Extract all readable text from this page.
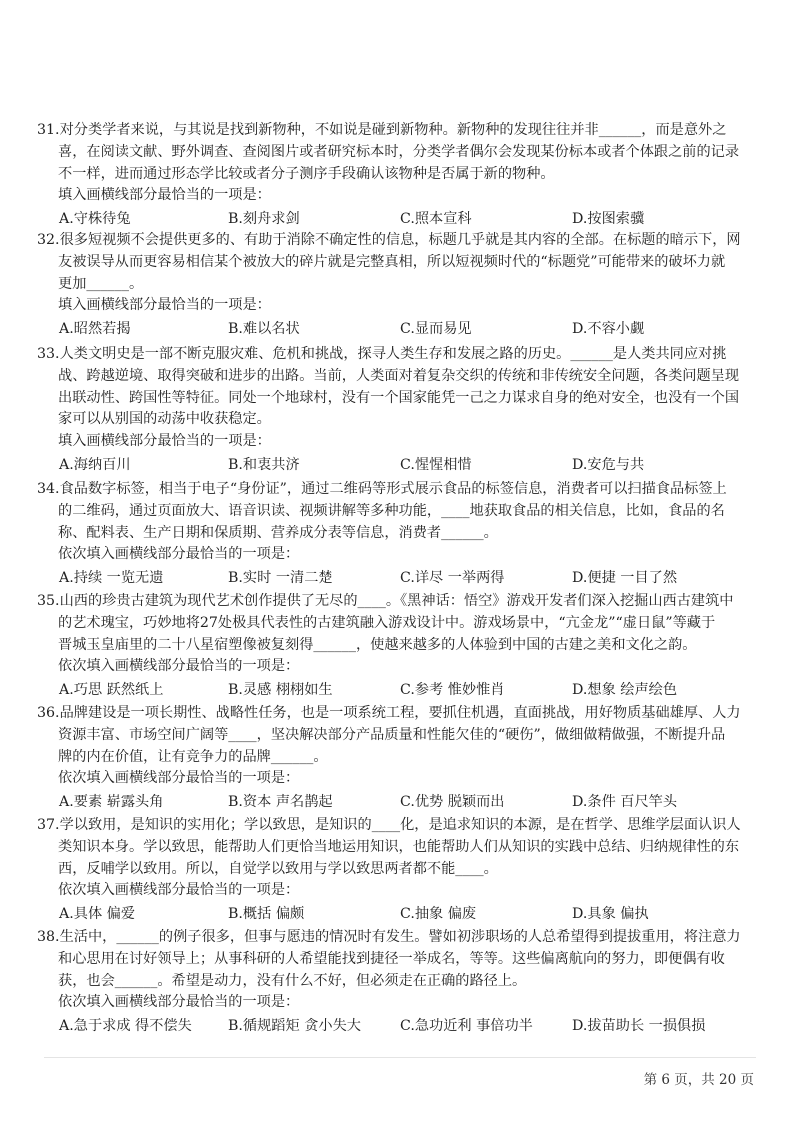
31.对分类学者来说，与其说是找到新物种，不如说是碰到新物种。新物种的发现往往并非______，而是意外之
喜，在阅读文献、野外调查、查阅图片或者研究标本时，分类学者偶尔会发现某份标本或者个体跟之前的记录
不一样，进而通过形态学比较或者分子测序手段确认该物种是否属于新的物种。
填入画横线部分最恰当的一项是：
A.守株待兔	B.刻舟求剑	C.照本宣科	D.按图索骥
32.很多短视频不会提供更多的、有助于消除不确定性的信息，标题几乎就是其内容的全部。在标题的暗示下，网
友被误导从而更容易相信某个被放大的碎片就是完整真相，所以短视频时代的“标题党”可能带来的破坏力就
更加______。
填入画横线部分最恰当的一项是：
A.昭然若揭	B.难以名状	C.显而易见	D.不容小觑
33.人类文明史是一部不断克服灾难、危机和挑战，探寻人类生存和发展之路的历史。______是人类共同应对挑
战、跨越逆境、取得突破和进步的出路。当前，人类面对着复杂交织的传统和非传统安全问题，各类问题呈现
出联动性、跨国性等特征。同处一个地球村，没有一个国家能凭一己之力谋求自身的绝对安全，也没有一个国
家可以从别国的动荡中收获稳定。
填入画横线部分最恰当的一项是：
A.海纳百川	B.和衷共济	C.惺惺相惜	D.安危与共
34.食品数字标签，相当于电子“身份证”，通过二维码等形式展示食品的标签信息，消费者可以扫描食品标签上
的二维码，通过页面放大、语音识读、视频讲解等多种功能，____地获取食品的相关信息，比如，食品的名
称、配料表、生产日期和保质期、营养成分表等信息，消费者______。
依次填入画横线部分最恰当的一项是：
A.持续 一览无遗	B.实时 一清二楚	C.详尽 一举两得	D.便捷 一目了然
35.山西的珍贵古建筑为现代艺术创作提供了无尽的____。《黑神话：悟空》游戏开发者们深入挖掘山西古建筑中
的艺术瑰宝，巧妙地将27处极具代表性的古建筑融入游戏设计中。游戏场景中，“亢金龙”“虚日鼠”等藏于
晋城玉皇庙里的二十八星宿塑像被复刻得______，使越来越多的人体验到中国的古建之美和文化之韵。
依次填入画横线部分最恰当的一项是：
A.巧思 跃然纸上	B.灵感 栩栩如生	C.参考 惟妙惟肖	D.想象 绘声绘色
36.品牌建设是一项长期性、战略性任务，也是一项系统工程，要抓住机遇，直面挑战，用好物质基础雄厚、人力
资源丰富、市场空间广阔等____，坚决解决部分产品质量和性能欠佳的“硬伤”，做细做精做强，不断提升品
牌的内在价值，让有竞争力的品牌______。
依次填入画横线部分最恰当的一项是：
A.要素 崭露头角	B.资本 声名鹊起	C.优势 脱颖而出	D.条件 百尺竿头
37.学以致用，是知识的实用化；学以致思，是知识的____化，是追求知识的本源，是在哲学、思维学层面认识人
类知识本身。学以致思，能帮助人们更恰当地运用知识，也能帮助人们从知识的实践中总结、归纳规律性的东
西，反哺学以致用。所以，自觉学以致用与学以致思两者都不能____。
依次填入画横线部分最恰当的一项是：
A.具体 偏爱	B.概括 偏颇	C.抽象 偏废	D.具象 偏执
38.生活中，______的例子很多，但事与愿违的情况时有发生。譬如初涉职场的人总希望得到提拔重用，将注意力
和心思用在讨好领导上；从事科研的人希望能找到捷径一举成名，等等。这些偏离航向的努力，即便偶有收
获，也会______。希望是动力，没有什么不好，但必须走在正确的路径上。
依次填入画横线部分最恰当的一项是：
A.急于求成 得不偿失	B.循规蹈矩 贪小失大	C.急功近利 事倍功半	D.拔苗助长 一损俱损
第 6 页，共 20 页
